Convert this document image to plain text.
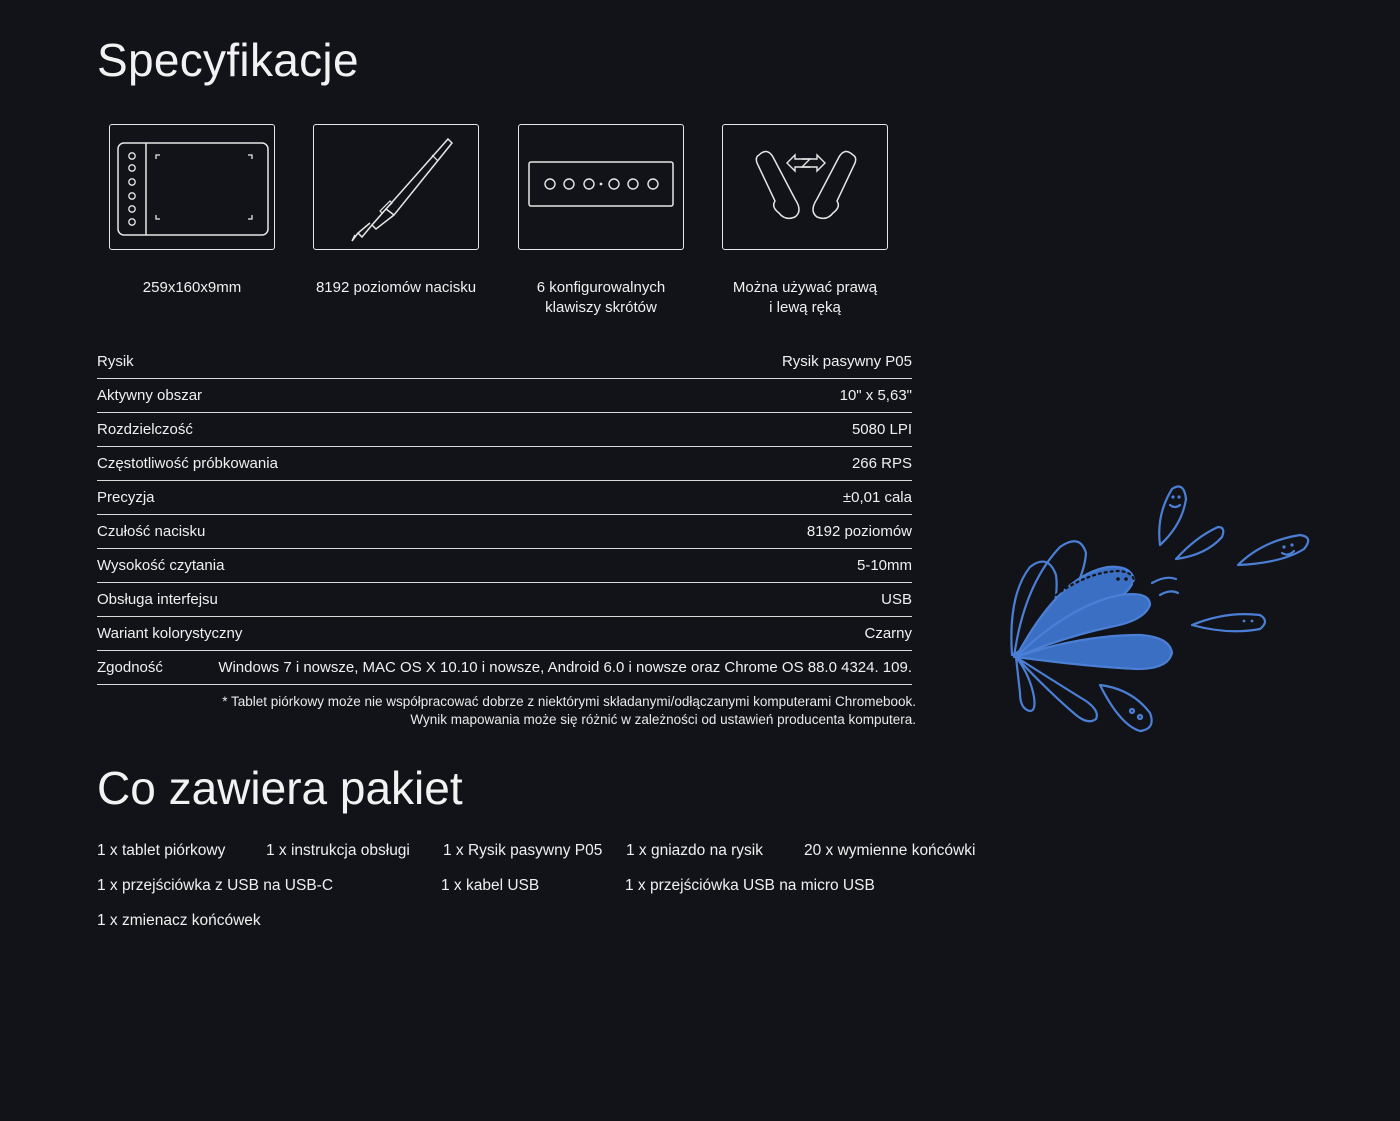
Specyfikacje
259x160x9mm	8192 poziomów nacisku	6 konfigurowalnych
klawiszy skrótów
Można używać prawą
i lewą ręką
Rysik	Rysik pasywny P05
Aktywny obszar	10" x 5,63"
Rozdzielczość	5080 LPI
Częstotliwość próbkowania	266 RPS
Precyzja	±0,01 cala
Czułość nacisku	8192 poziomów
Wysokość czytania	5-10mm
Obsługa interfejsu	USB
Wariant kolorystyczny	Czarny
Zgodność	Windows 7 i nowsze, MAC OS X 10.10 i nowsze, Android 6.0 i nowsze oraz Chrome OS 88.0 4324. 109.
* Tablet piórkowy może nie współpracować dobrze z niektórymi składanymi/odłączanymi komputerami Chromebook.
Wynik mapowania może się różnić w zależności od ustawień producenta komputera.
Co zawiera pakiet
1 x tablet piórkowy	1 x instrukcja obsługi 1 x Rysik pasywny P05 1 x gniazdo na rysik	20 x wymienne końcówki
1 x przejściówka z USB na USB-C	1 x kabel USB	1 x przejściówka USB na micro USB
1 x zmienacz końcówek
